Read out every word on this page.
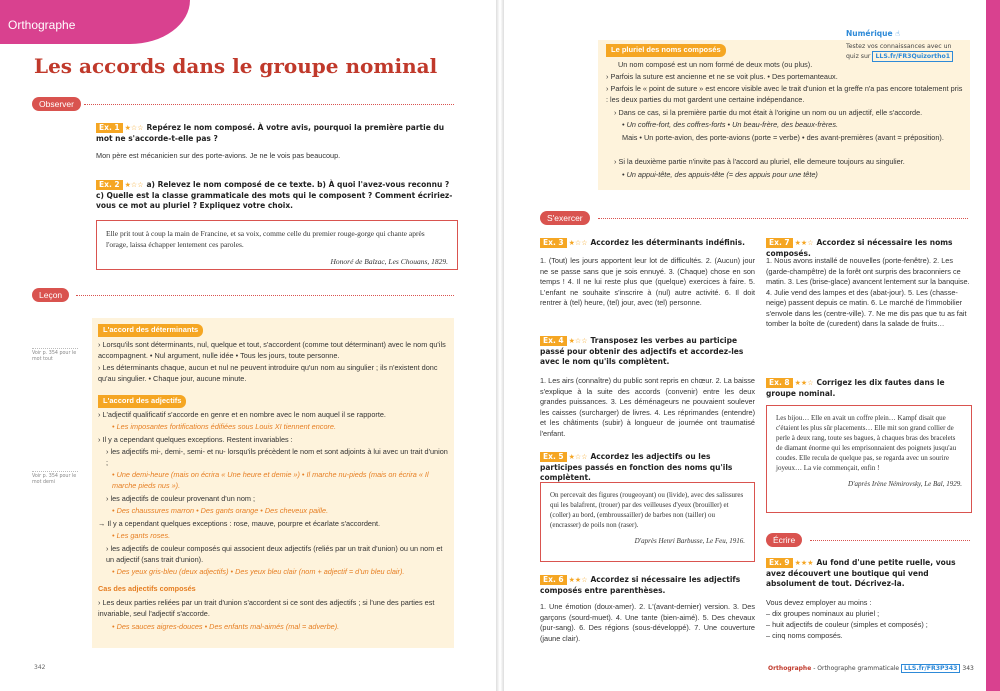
Orthographe
Les accords dans le groupe nominal
Observer
Ex. 1 ★☆☆ Repérez le nom composé. À votre avis, pourquoi la première partie du mot ne s'accorde-t-elle pas ?
Mon père est mécanicien sur des porte-avions. Je ne le vois pas beaucoup.
Ex. 2 ★☆☆ a) Relevez le nom composé de ce texte. b) À quoi l'avez-vous reconnu ? c) Quelle est la classe grammaticale des mots qui le composent ? Comment écririez-vous ce mot au pluriel ? Expliquez votre choix.
Elle prit tout à coup la main de Francine, et sa voix, comme celle du premier rouge-gorge qui chante après l'orage, laissa échapper lentement ces paroles.
Honoré de Balzac, Les Chouans, 1829.
Leçon
L'accord des déterminants
› Lorsqu'ils sont déterminants, nul, quelque et tout, s'accordent (comme tout déterminant) avec le nom qu'ils accompagnent. • Nul argument, nulle idée • Tous les jours, toute personne.
› Les déterminants chaque, aucun et nul ne peuvent introduire qu'un nom au singulier ; ils n'existent donc qu'au singulier. • Chaque jour, aucune minute.
L'accord des adjectifs
› L'adjectif qualificatif s'accorde en genre et en nombre avec le nom auquel il se rapporte.
• Les imposantes fortifications édifiées sous Louis XI tiennent encore.
› Il y a cependant quelques exceptions. Restent invariables :
› les adjectifs mi-, demi-, semi- et nu- lorsqu'ils précèdent le nom et sont adjoints à lui avec un trait d'union ;
• Une demi-heure (mais on écrira « Une heure et demie ») • Il marche nu-pieds (mais on écrira « Il marche pieds nus »).
› les adjectifs de couleur provenant d'un nom ;
• Des chaussures marron • Des gants orange • Des cheveux paille.
→ Il y a cependant quelques exceptions : rose, mauve, pourpre et écarlate s'accordent.
• Les gants roses.
› les adjectifs de couleur composés qui associent deux adjectifs (reliés par un trait d'union) ou un nom et un adjectif (sans trait d'union).
• Des yeux gris-bleu (deux adjectifs) • Des yeux bleu clair (nom + adjectif = d'un bleu clair).
Cas des adjectifs composés
› Les deux parties reliées par un trait d'union s'accordent si ce sont des adjectifs ; si l'une des parties est invariable, seul l'adjectif s'accorde.
• Des sauces aigres-douces • Des enfants mal-aimés (mal = adverbe).
Voir p. 354 pour le mot tout
Voir p. 354 pour le mot demi
Le pluriel des noms composés
Un nom composé est un nom formé de deux mots (ou plus).
› Parfois la suture est ancienne et ne se voit plus. • Des portemanteaux.
› Parfois le « point de suture » est encore visible avec le trait d'union et la greffe n'a pas encore totalement pris : les deux parties du mot gardent une certaine indépendance.
› Dans ce cas, si la première partie du mot était à l'origine un nom ou un adjectif, elle s'accorde.
• Un coffre-fort, des coffres-forts • Un beau-frère, des beaux-frères.
Mais • Un porte-avion, des porte-avions (porte = verbe) • des avant-premières (avant = préposition).
› Si la deuxième partie n'invite pas à l'accord au pluriel, elle demeure toujours au singulier.
• Un appui-tête, des appuis-tête (= des appuis pour une tête)
Numérique ☝
Testez vos connaissances avec un quiz sur LLS.fr/FR3Quizortho1
S'exercer
Ex. 3 ★☆☆ Accordez les déterminants indéfinis.
1. (Tout) les jours apportent leur lot de difficultés. 2. (Aucun) jour ne se passe sans que je sois ennuyé. 3. (Chaque) chose en son temps ! 4. Il ne lui reste plus que (quelque) exercices à faire. 5. L'enfant ne souhaite s'inscrire à (nul) autre activité. 6. Il doit rentrer à (tel) heure, (tel) jour, avec (tel) personne.
Ex. 4 ★☆☆ Transposez les verbes au participe passé pour obtenir des adjectifs et accordez-les avec le nom qu'ils complètent.
1. Les airs (connaître) du public sont repris en chœur. 2. La baisse s'explique à la suite des accords (convenir) entre les deux grandes puissances. 3. Les déménageurs ne pouvaient soulever les caisses (surcharger) de livres. 4. Les réprimandes (entendre) et les châtiments (subir) à longueur de journée ont traumatisé l'enfant.
Ex. 5 ★☆☆ Accordez les adjectifs ou les participes passés en fonction des noms qu'ils complètent.
On percevait des figures (rougeoyant) ou (livide), avec des salissures qui les balafrent, (trouer) par des veilleuses d'yeux (brouiller) et (coller) au bord, (embroussailler) de barbes non (tailler) ou (encrasser) de poils non (raser).
D'après Henri Barbusse, Le Feu, 1916.
Ex. 6 ★★☆ Accordez si nécessaire les adjectifs composés entre parenthèses.
1. Une émotion (doux-amer). 2. L'(avant-dernier) version. 3. Des garçons (sourd-muet). 4. Une tante (bien-aimé). 5. Des chevaux (pur-sang). 6. Des régions (sous-développé). 7. Une couverture (jaune clair).
Ex. 7 ★★☆ Accordez si nécessaire les noms composés.
1. Nous avons installé de nouvelles (porte-fenêtre). 2. Les (garde-champêtre) de la forêt ont surpris des braconniers ce matin. 3. Les (brise-glace) avancent lentement sur la banquise. 4. Julie vend des lampes et des (abat-jour). 5. Les (chasse-neige) passent depuis ce matin. 6. Le marché de l'immobilier s'envole dans les (centre-ville). 7. Ne me dis pas que tu as fait tomber la boîte de (curedent) dans la salade de fruits…
Ex. 8 ★★☆ Corrigez les dix fautes dans le groupe nominal.
Les bijou… Elle en avait un coffre plein… Kampf disait que c'étaient les plus sûr placements… Elle mit son grand collier de perle à deux rang, toute ses bagues, à chaques bras des bracelets de diamant énorme qui les emprisonnaient des poignets jusqu'au coudes. Elle recula de quelque pas, se regarda avec un sourire joyeux… La vie commençait, enfin !
D'après Irène Némirovsky, Le Bal, 1929.
Écrire
Ex. 9 ★★★ Au fond d'une petite ruelle, vous avez découvert une boutique qui vend absolument de tout. Décrivez-la.
Vous devez employer au moins :
– dix groupes nominaux au pluriel ;
– huit adjectifs de couleur (simples et composés) ;
– cinq noms composés.
342	Orthographe - Orthographe grammaticale LLS.fr/FR3P343 343
